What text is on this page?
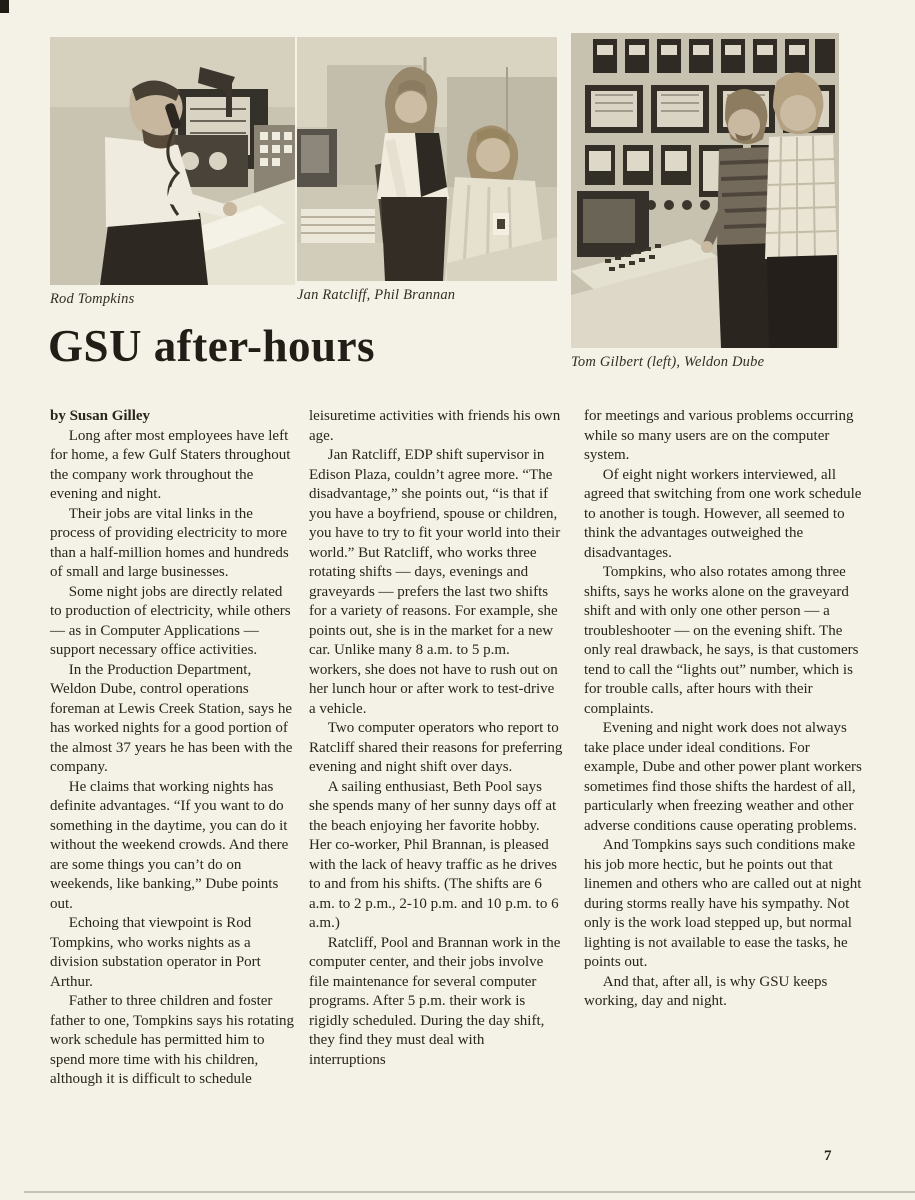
Rod Tompkins	Jan Ratcliff, Phil Brannan
Tom Gilbert (left), Weldon Dube
GSU after-hours

by Susan Gilley

Long after most employees have left for home, a few Gulf Staters throughout the company work throughout the evening and night.

Their jobs are vital links in the process of providing electricity to more than a half-million homes and hundreds of small and large businesses.

Some night jobs are directly related to production of electricity, while others — as in Computer Applications — support necessary office activities.

In the Production Department, Weldon Dube, control operations foreman at Lewis Creek Station, says he has worked nights for a good portion of the almost 37 years he has been with the company.

He claims that working nights has definite advantages. “If you want to do something in the daytime, you can do it without the weekend crowds. And there are some things you can’t do on weekends, like banking,” Dube points out.

Echoing that viewpoint is Rod Tompkins, who works nights as a division substation operator in Port Arthur.

Father to three children and foster father to one, Tompkins says his rotating work schedule has permitted him to spend more time with his children, although it is difficult to schedule

leisuretime activities with friends his own age.

Jan Ratcliff, EDP shift supervisor in Edison Plaza, couldn’t agree more. “The disadvantage,” she points out, “is that if you have a boyfriend, spouse or children, you have to try to fit your world into their world.” But Ratcliff, who works three rotating shifts — days, evenings and graveyards — prefers the last two shifts for a variety of reasons. For example, she points out, she is in the market for a new car. Unlike many 8 a.m. to 5 p.m. workers, she does not have to rush out on her lunch hour or after work to test-drive a vehicle.

Two computer operators who report to Ratcliff shared their reasons for preferring evening and night shift over days.

A sailing enthusiast, Beth Pool says she spends many of her sunny days off at the beach enjoying her favorite hobby. Her co-worker, Phil Brannan, is pleased with the lack of heavy traffic as he drives to and from his shifts. (The shifts are 6 a.m. to 2 p.m., 2-10 p.m. and 10 p.m. to 6 a.m.)

Ratcliff, Pool and Brannan work in the computer center, and their jobs involve file maintenance for several computer programs. After 5 p.m. their work is rigidly scheduled. During the day shift, they find they must deal with interruptions

for meetings and various problems occurring while so many users are on the computer system.

Of eight night workers interviewed, all agreed that switching from one work schedule to another is tough. However, all seemed to think the advantages outweighed the disadvantages.

Tompkins, who also rotates among three shifts, says he works alone on the graveyard shift and with only one other person — a troubleshooter — on the evening shift. The only real drawback, he says, is that customers tend to call the “lights out” number, which is for trouble calls, after hours with their complaints.

Evening and night work does not always take place under ideal conditions. For example, Dube and other power plant workers sometimes find those shifts the hardest of all, particularly when freezing weather and other adverse conditions cause operating problems.

And Tompkins says such conditions make his job more hectic, but he points out that linemen and others who are called out at night during storms really have his sympathy. Not only is the work load stepped up, but normal lighting is not available to ease the tasks, he points out.

And that, after all, is why GSU keeps working, day and night.

7
